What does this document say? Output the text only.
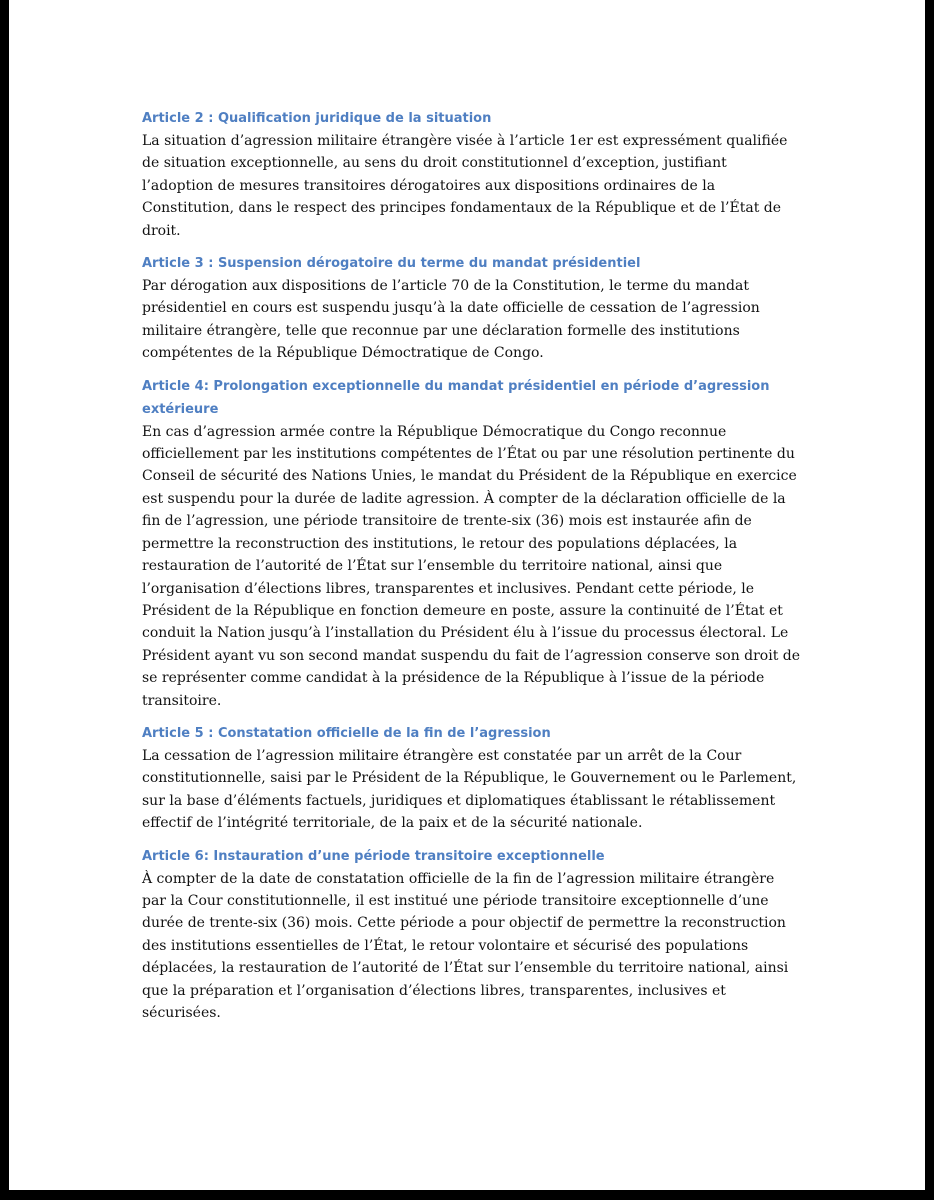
Article 2 : Qualification juridique de la situation

La situation d’agression militaire étrangère visée à l’article 1er est expressément qualifiée de situation exceptionnelle, au sens du droit constitutionnel d’exception, justifiant l’adoption de mesures transitoires dérogatoires aux dispositions ordinaires de la Constitution, dans le respect des principes fondamentaux de la République et de l’État de droit.

Article 3 : Suspension dérogatoire du terme du mandat présidentiel

Par dérogation aux dispositions de l’article 70 de la Constitution, le terme du mandat présidentiel en cours est suspendu jusqu’à la date officielle de cessation de l’agression militaire étrangère, telle que reconnue par une déclaration formelle des institutions compétentes de la République Démoctratique de Congo.

Article 4: Prolongation exceptionnelle du mandat présidentiel en période d’agression extérieure

En cas d’agression armée contre la République Démocratique du Congo reconnue officiellement par les institutions compétentes de l’État ou par une résolution pertinente du Conseil de sécurité des Nations Unies, le mandat du Président de la République en exercice est suspendu pour la durée de ladite agression. À compter de la déclaration officielle de la fin de l’agression, une période transitoire de trente-six (36) mois est instaurée afin de permettre la reconstruction des institutions, le retour des populations déplacées, la restauration de l’autorité de l’État sur l’ensemble du territoire national, ainsi que l’organisation d’élections libres, transparentes et inclusives. Pendant cette période, le Président de la République en fonction demeure en poste, assure la continuité de l’État et conduit la Nation jusqu’à l’installation du Président élu à l’issue du processus électoral. Le Président ayant vu son second mandat suspendu du fait de l’agression conserve son droit de se représenter comme candidat à la présidence de la République à l’issue de la période transitoire.

Article 5 : Constatation officielle de la fin de l’agression

La cessation de l’agression militaire étrangère est constatée par un arrêt de la Cour constitutionnelle, saisi par le Président de la République, le Gouvernement ou le Parlement, sur la base d’éléments factuels, juridiques et diplomatiques établissant le rétablissement effectif de l’intégrité territoriale, de la paix et de la sécurité nationale.

Article 6: Instauration d’une période transitoire exceptionnelle

À compter de la date de constatation officielle de la fin de l’agression militaire étrangère par la Cour constitutionnelle, il est institué une période transitoire exceptionnelle d’une durée de trente-six (36) mois. Cette période a pour objectif de permettre la reconstruction des institutions essentielles de l’État, le retour volontaire et sécurisé des populations déplacées, la restauration de l’autorité de l’État sur l’ensemble du territoire national, ainsi que la préparation et l’organisation d’élections libres, transparentes, inclusives et sécurisées.
